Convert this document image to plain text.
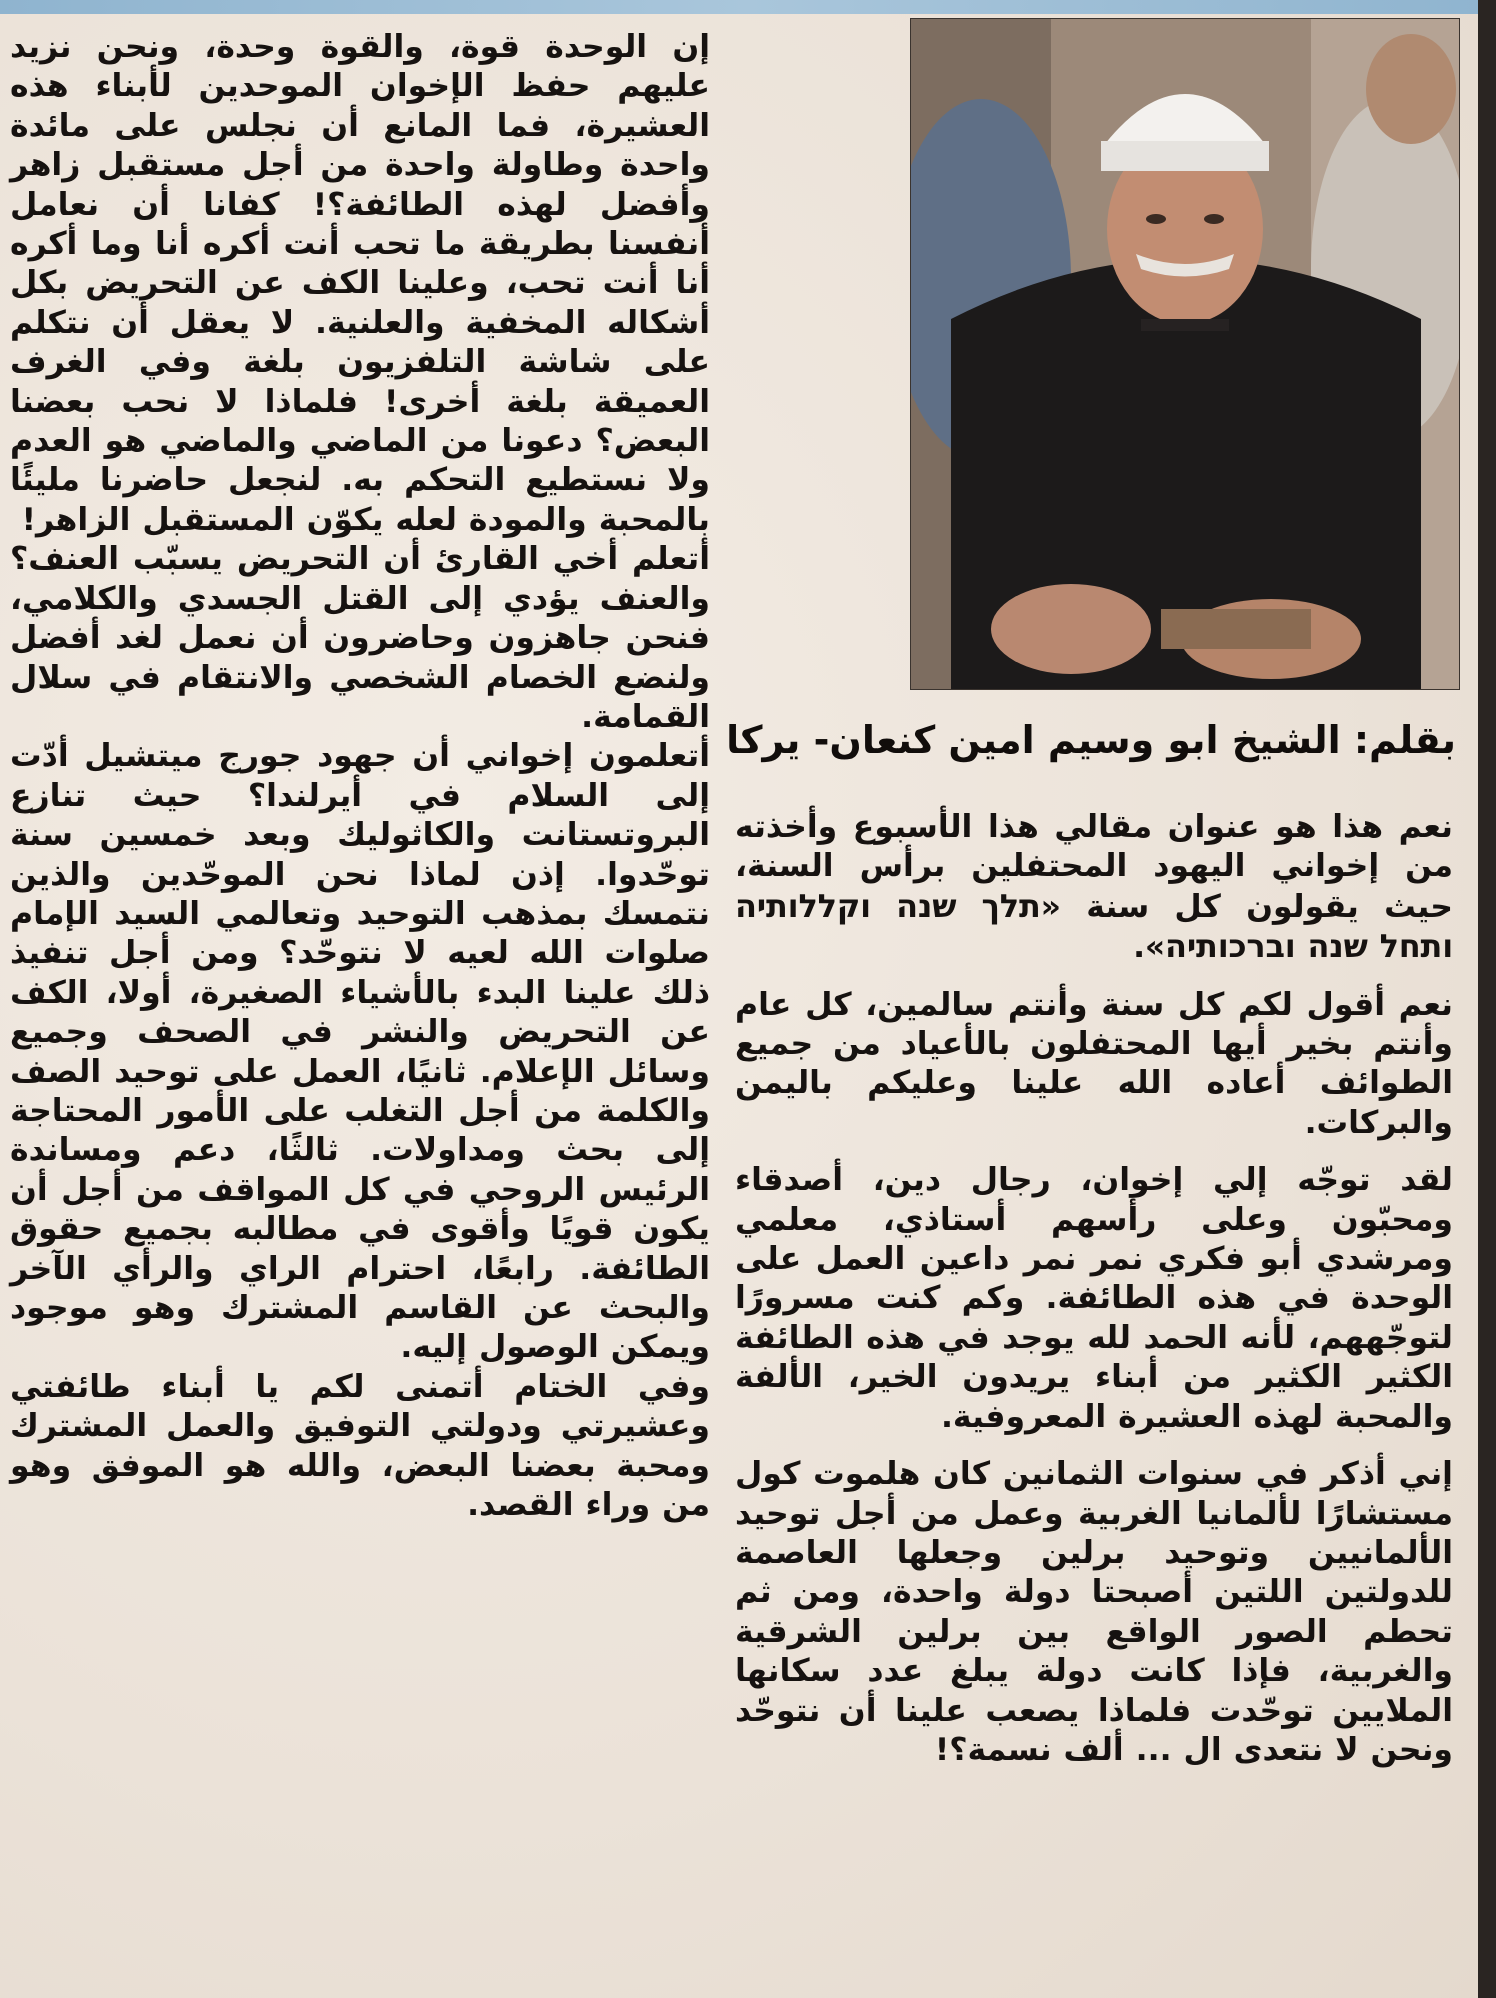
إن الوحدة قوة، والقوة وحدة، ونحن نزيد عليهم حفظ الإخوان الموحدين لأبناء هذه العشيرة، فما المانع أن نجلس على مائدة واحدة وطاولة واحدة من أجل مستقبل زاهر وأفضل لهذه الطائفة؟! كفانا أن نعامل أنفسنا بطريقة ما تحب أنت أكره أنا وما أكره أنا أنت تحب، وعلينا الكف عن التحريض بكل أشكاله المخفية والعلنية. لا يعقل أن نتكلم على شاشة التلفزيون بلغة وفي الغرف العميقة بلغة أخرى! فلماذا لا نحب بعضنا البعض؟ دعونا من الماضي والماضي هو العدم ولا نستطيع التحكم به. لنجعل حاضرنا مليئًا بالمحبة والمودة لعله يكوّن المستقبل الزاهر!

أتعلم أخي القارئ أن التحريض يسبّب العنف؟ والعنف يؤدي إلى القتل الجسدي والكلامي، فنحن جاهزون وحاضرون أن نعمل لغد أفضل ولنضع الخصام الشخصي والانتقام في سلال القمامة.

أتعلمون إخواني أن جهود جورج ميتشيل أدّت إلى السلام في أيرلندا؟ حيث تنازع البروتستانت والكاثوليك وبعد خمسين سنة توحّدوا. إذن لماذا نحن الموحّدين والذين نتمسك بمذهب التوحيد وتعالمي السيد الإمام صلوات الله لعيه لا نتوحّد؟ ومن أجل تنفيذ ذلك علينا البدء بالأشياء الصغيرة، أولا، الكف عن التحريض والنشر في الصحف وجميع وسائل الإعلام. ثانيًا، العمل على توحيد الصف والكلمة من أجل التغلب على الأمور المحتاجة إلى بحث ومداولات. ثالثًا، دعم ومساندة الرئيس الروحي في كل المواقف من أجل أن يكون قويًا وأقوى في مطالبه بجميع حقوق الطائفة. رابعًا، احترام الراي والرأي الآخر والبحث عن القاسم المشترك وهو موجود ويمكن الوصول إليه.

وفي الختام أتمنى لكم يا أبناء طائفتي وعشيرتي ودولتي التوفيق والعمل المشترك ومحبة بعضنا البعض، والله هو الموفق وهو من وراء القصد.

بقلم: الشيخ ابو وسيم امين كنعان- يركا

نعم هذا هو عنوان مقالي هذا الأسبوع وأخذته من إخواني اليهود المحتفلين برأس السنة، حيث يقولون كل سنة «תלך שנה וקללותיה ותחל שנה וברכותיה».

نعم أقول لكم كل سنة وأنتم سالمين، كل عام وأنتم بخير أيها المحتفلون بالأعياد من جميع الطوائف أعاده الله علينا وعليكم باليمن والبركات.

لقد توجّه إلي إخوان، رجال دين، أصدقاء ومحبّون وعلى رأسهم أستاذي، معلمي ومرشدي أبو فكري نمر نمر داعين العمل على الوحدة في هذه الطائفة. وكم كنت مسرورًا لتوجّههم، لأنه الحمد لله يوجد في هذه الطائفة الكثير الكثير من أبناء يريدون الخير، الألفة والمحبة لهذه العشيرة المعروفية.

إني أذكر في سنوات الثمانين كان هلموت كول مستشارًا لألمانيا الغربية وعمل من أجل توحيد الألمانيين وتوحيد برلين وجعلها العاصمة للدولتين اللتين أصبحتا دولة واحدة، ومن ثم تحطم الصور الواقع بين برلين الشرقية والغربية، فإذا كانت دولة يبلغ عدد سكانها الملايين توحّدت فلماذا يصعب علينا أن نتوحّد ونحن لا نتعدى ال ... ألف نسمة؟!
